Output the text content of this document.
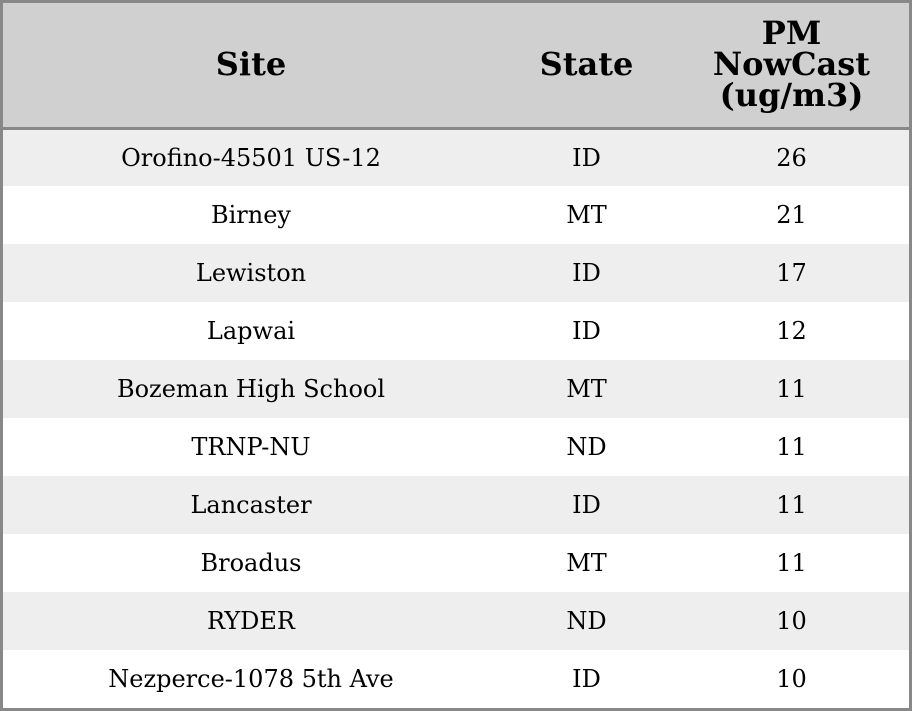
Site	State	PM
NowCast
(ug/m3)

Orofino-45501 US-12	ID	26
Birney	MT	21
Lewiston	ID	17
Lapwai	ID	12
Bozeman High School	MT	11
TRNP-NU	ND	11
Lancaster	ID	11
Broadus	MT	11
RYDER	ND	10
Nezperce-1078 5th Ave	ID	10
